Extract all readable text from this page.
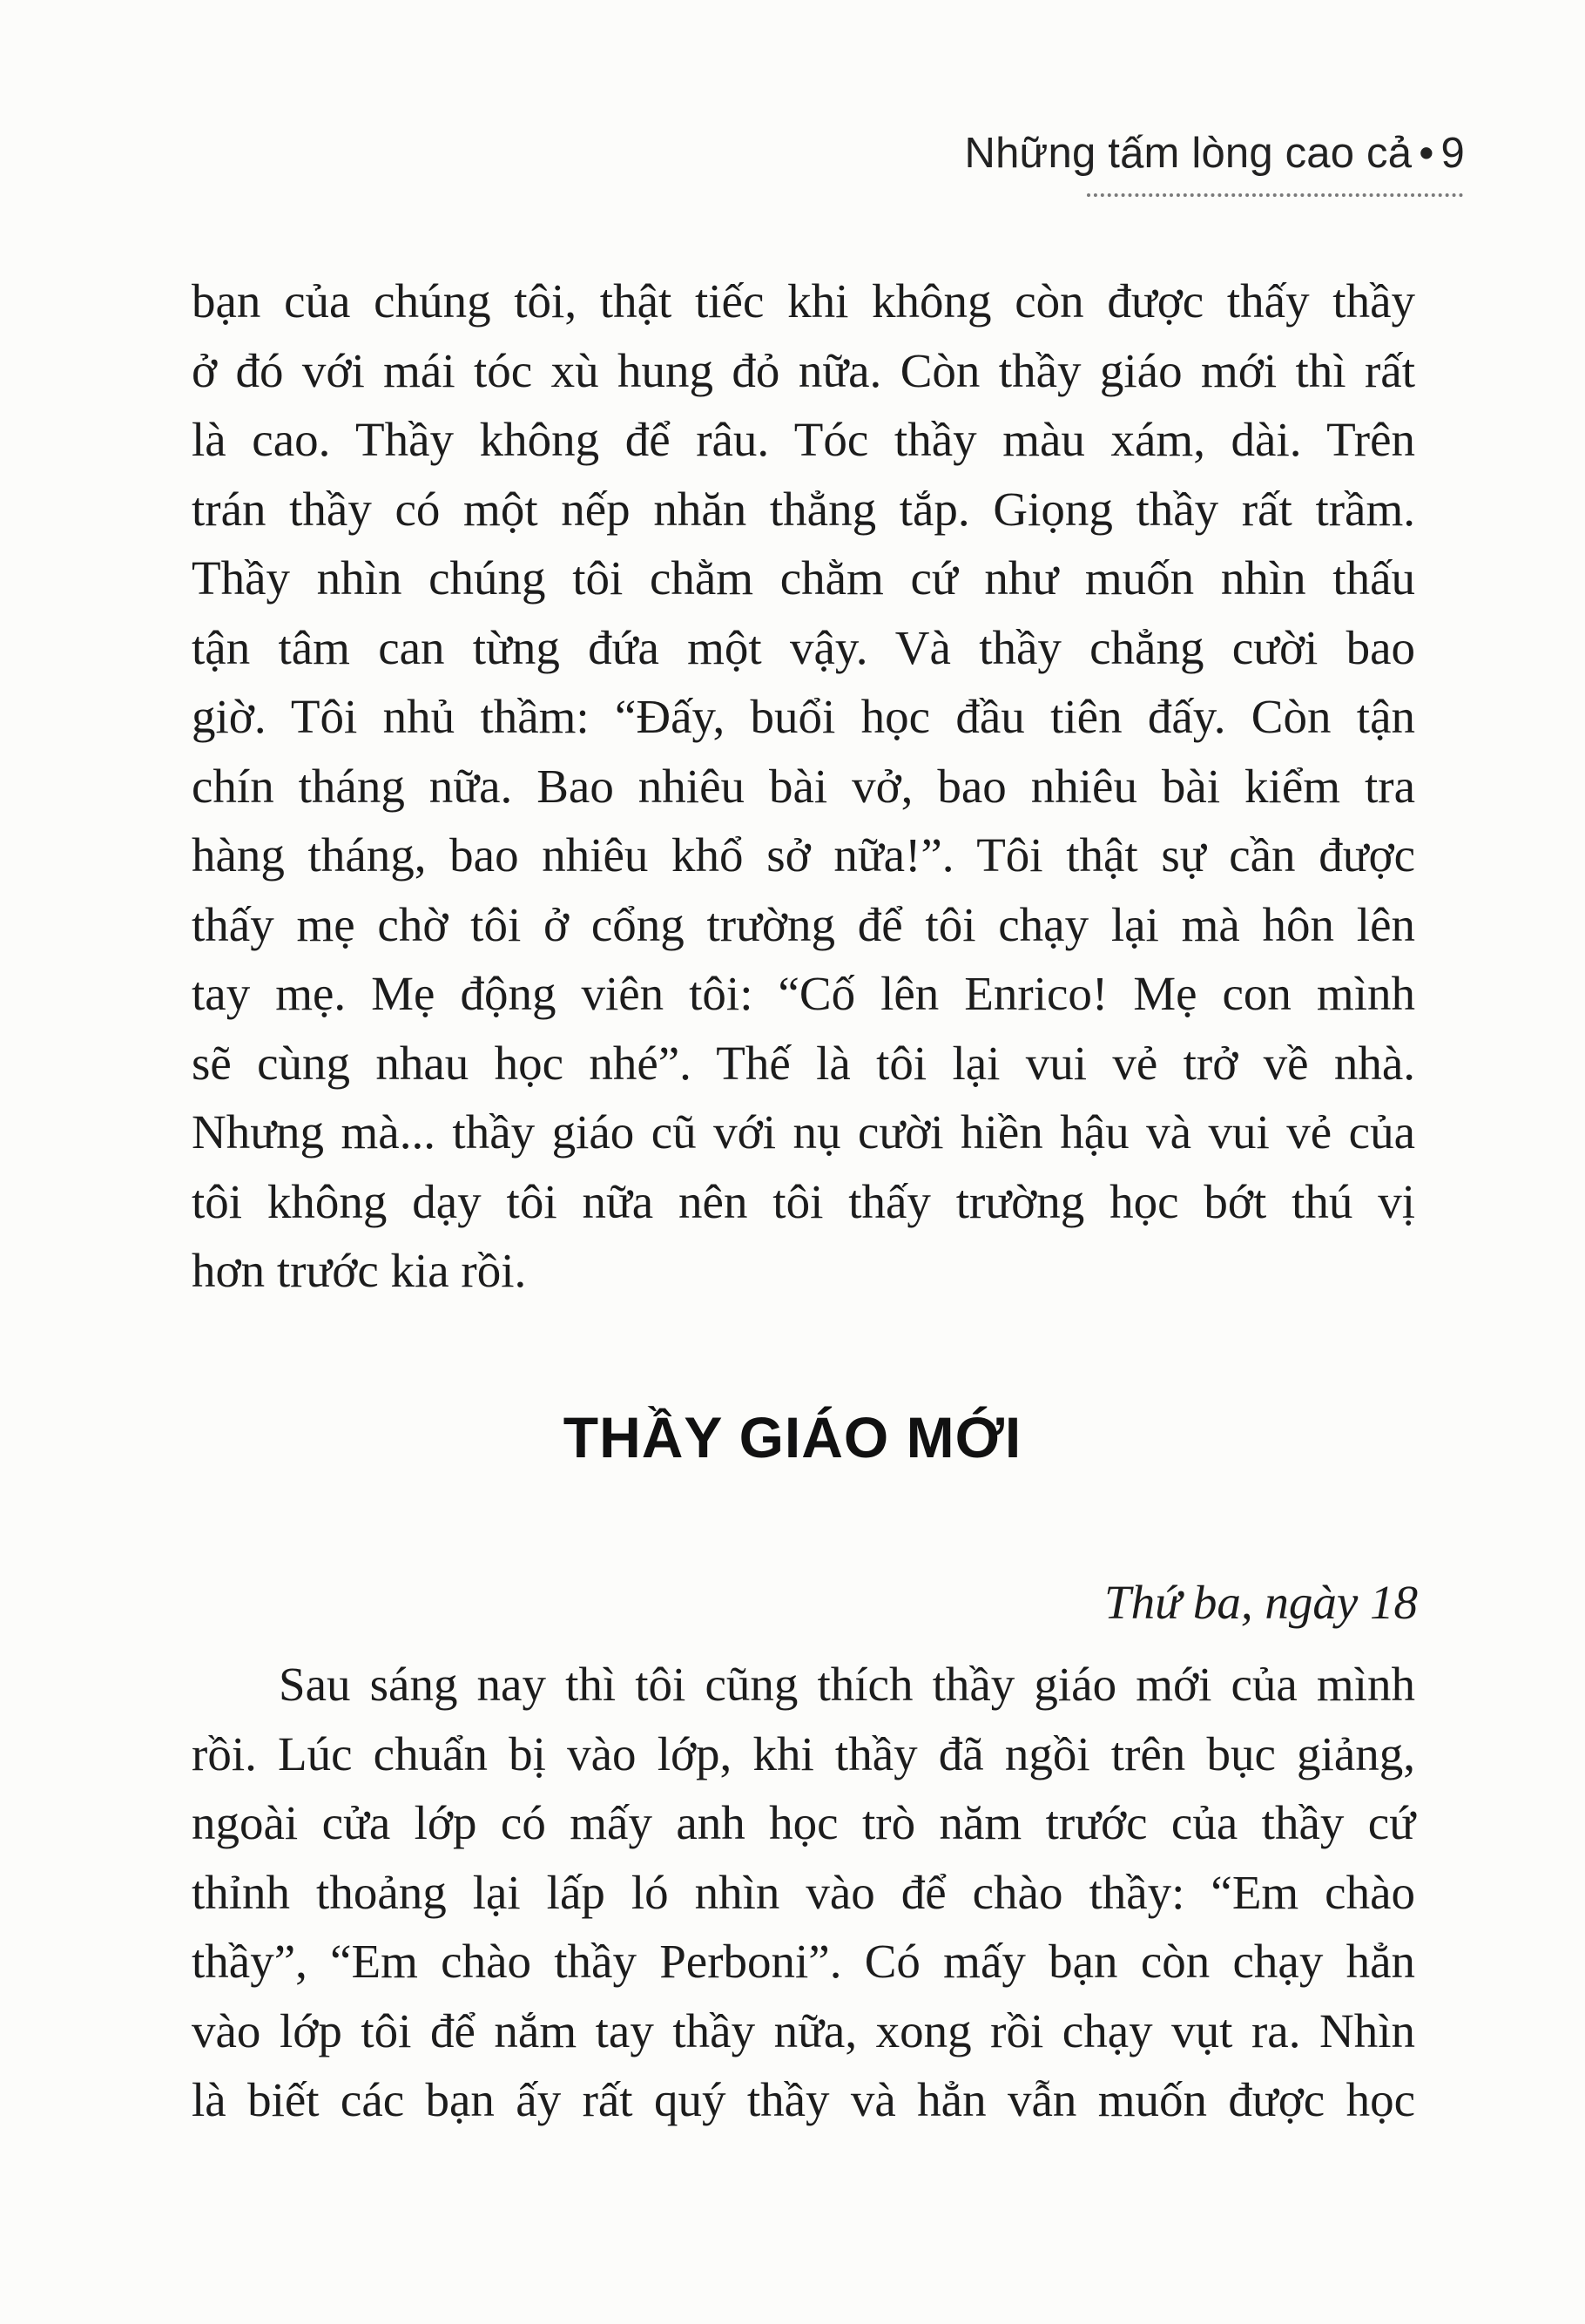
Những tấm lòng cao cả • 9
bạn của chúng tôi, thật tiếc khi không còn được thấy thầy
ở đó với mái tóc xù hung đỏ nữa. Còn thầy giáo mới thì rất
là cao. Thầy không để râu. Tóc thầy màu xám, dài. Trên
trán thầy có một nếp nhăn thẳng tắp. Giọng thầy rất trầm.
Thầy nhìn chúng tôi chằm chằm cứ như muốn nhìn thấu
tận tâm can từng đứa một vậy. Và thầy chẳng cười bao
giờ. Tôi nhủ thầm: “Đấy, buổi học đầu tiên đấy. Còn tận
chín tháng nữa. Bao nhiêu bài vở, bao nhiêu bài kiểm tra
hàng tháng, bao nhiêu khổ sở nữa!”. Tôi thật sự cần được
thấy mẹ chờ tôi ở cổng trường để tôi chạy lại mà hôn lên
tay mẹ. Mẹ động viên tôi: “Cố lên Enrico! Mẹ con mình
sẽ cùng nhau học nhé”. Thế là tôi lại vui vẻ trở về nhà.
Nhưng mà... thầy giáo cũ với nụ cười hiền hậu và vui vẻ của
tôi không dạy tôi nữa nên tôi thấy trường học bớt thú vị
hơn trước kia rồi.
THẦY GIÁO MỚI
Thứ ba, ngày 18
Sau sáng nay thì tôi cũng thích thầy giáo mới của mình
rồi. Lúc chuẩn bị vào lớp, khi thầy đã ngồi trên bục giảng,
ngoài cửa lớp có mấy anh học trò năm trước của thầy cứ
thỉnh thoảng lại lấp ló nhìn vào để chào thầy: “Em chào
thầy”, “Em chào thầy Perboni”. Có mấy bạn còn chạy hẳn
vào lớp tôi để nắm tay thầy nữa, xong rồi chạy vụt ra. Nhìn
là biết các bạn ấy rất quý thầy và hẳn vẫn muốn được học
